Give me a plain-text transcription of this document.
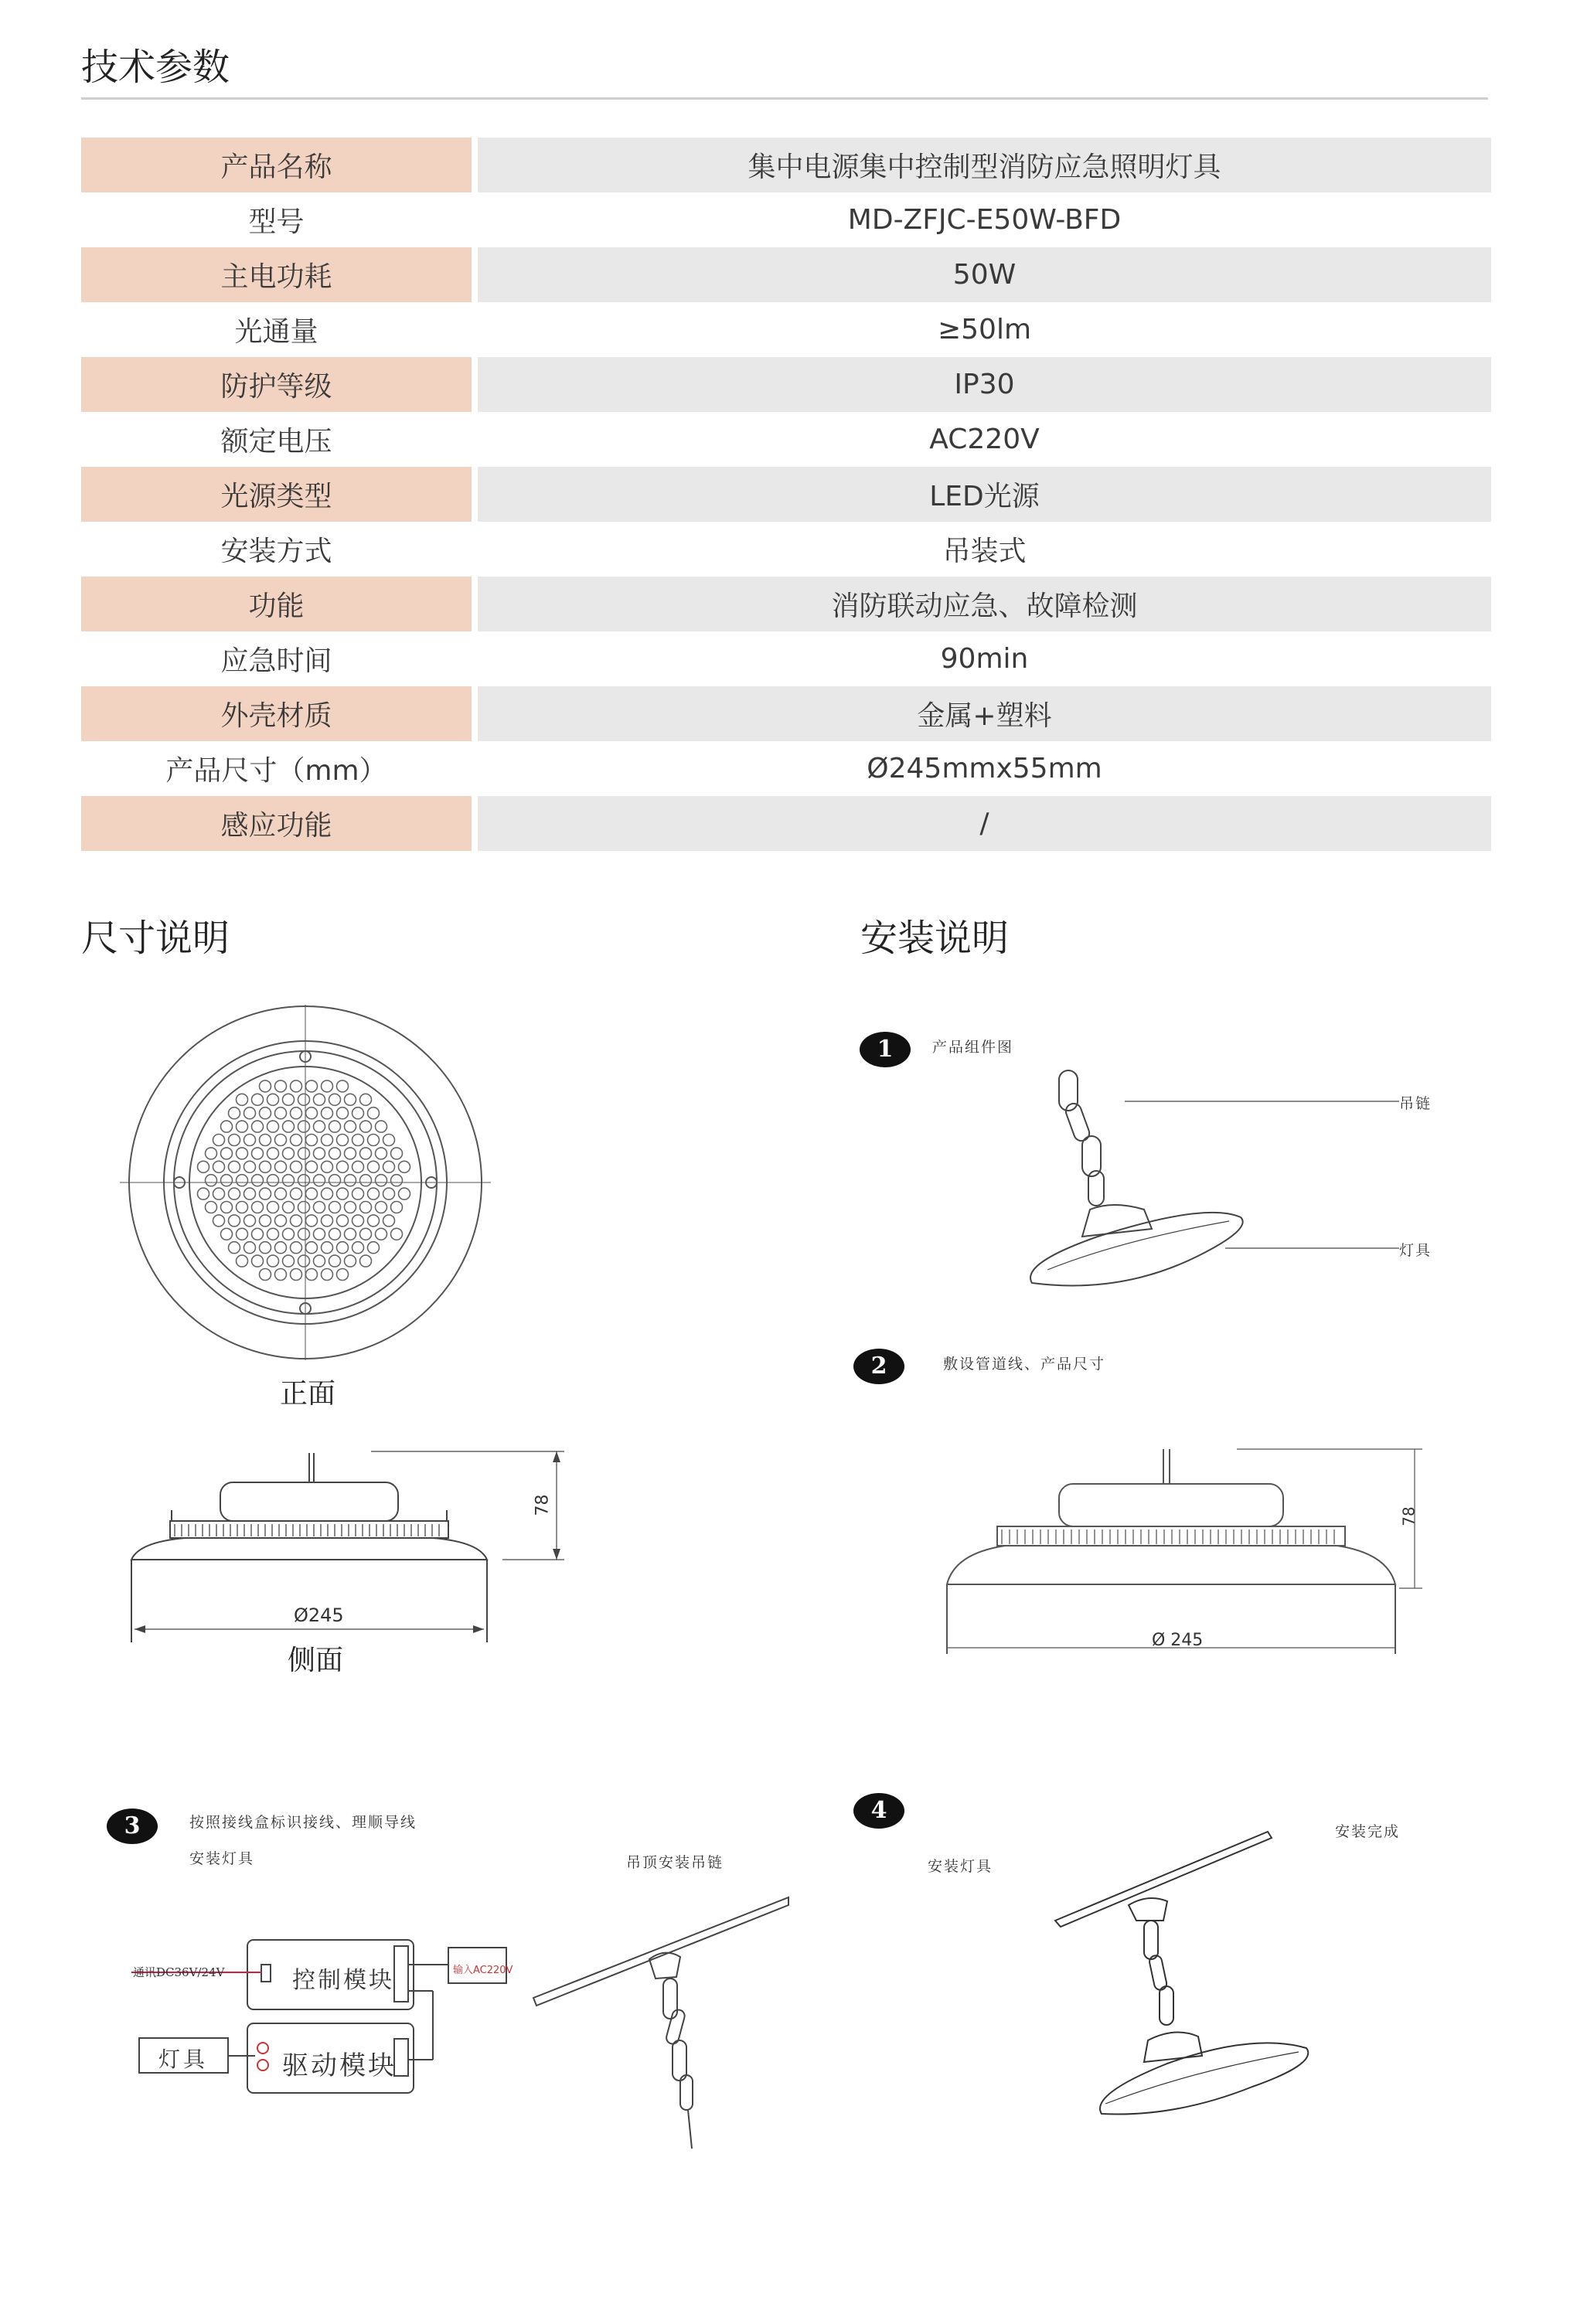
技术参数
产品名称	集中电源集中控制型消防应急照明灯具
型号	MD-ZFJC-E50W-BFD
主电功耗	50W
光通量	≥50lm
防护等级	IP30
额定电压	AC220V
光源类型	LED光源
安装方式	吊装式
功能	消防联动应急、故障检测
应急时间	90min
外壳材质	金属+塑料
产品尺寸（mm）	Ø245mmx55mm
感应功能	/
尺寸说明	安装说明
正面
78
Ø245
侧面
1	产品组件图
吊链
灯具
2	敷设管道线、产品尺寸
78
Ø 245
3	按照接线盒标识接线、理顺导线
安装灯具	吊顶安装吊链
通讯DC36V/24V	控制模块	输入AC220V
灯具	驱动模块
4
安装灯具
安装完成
